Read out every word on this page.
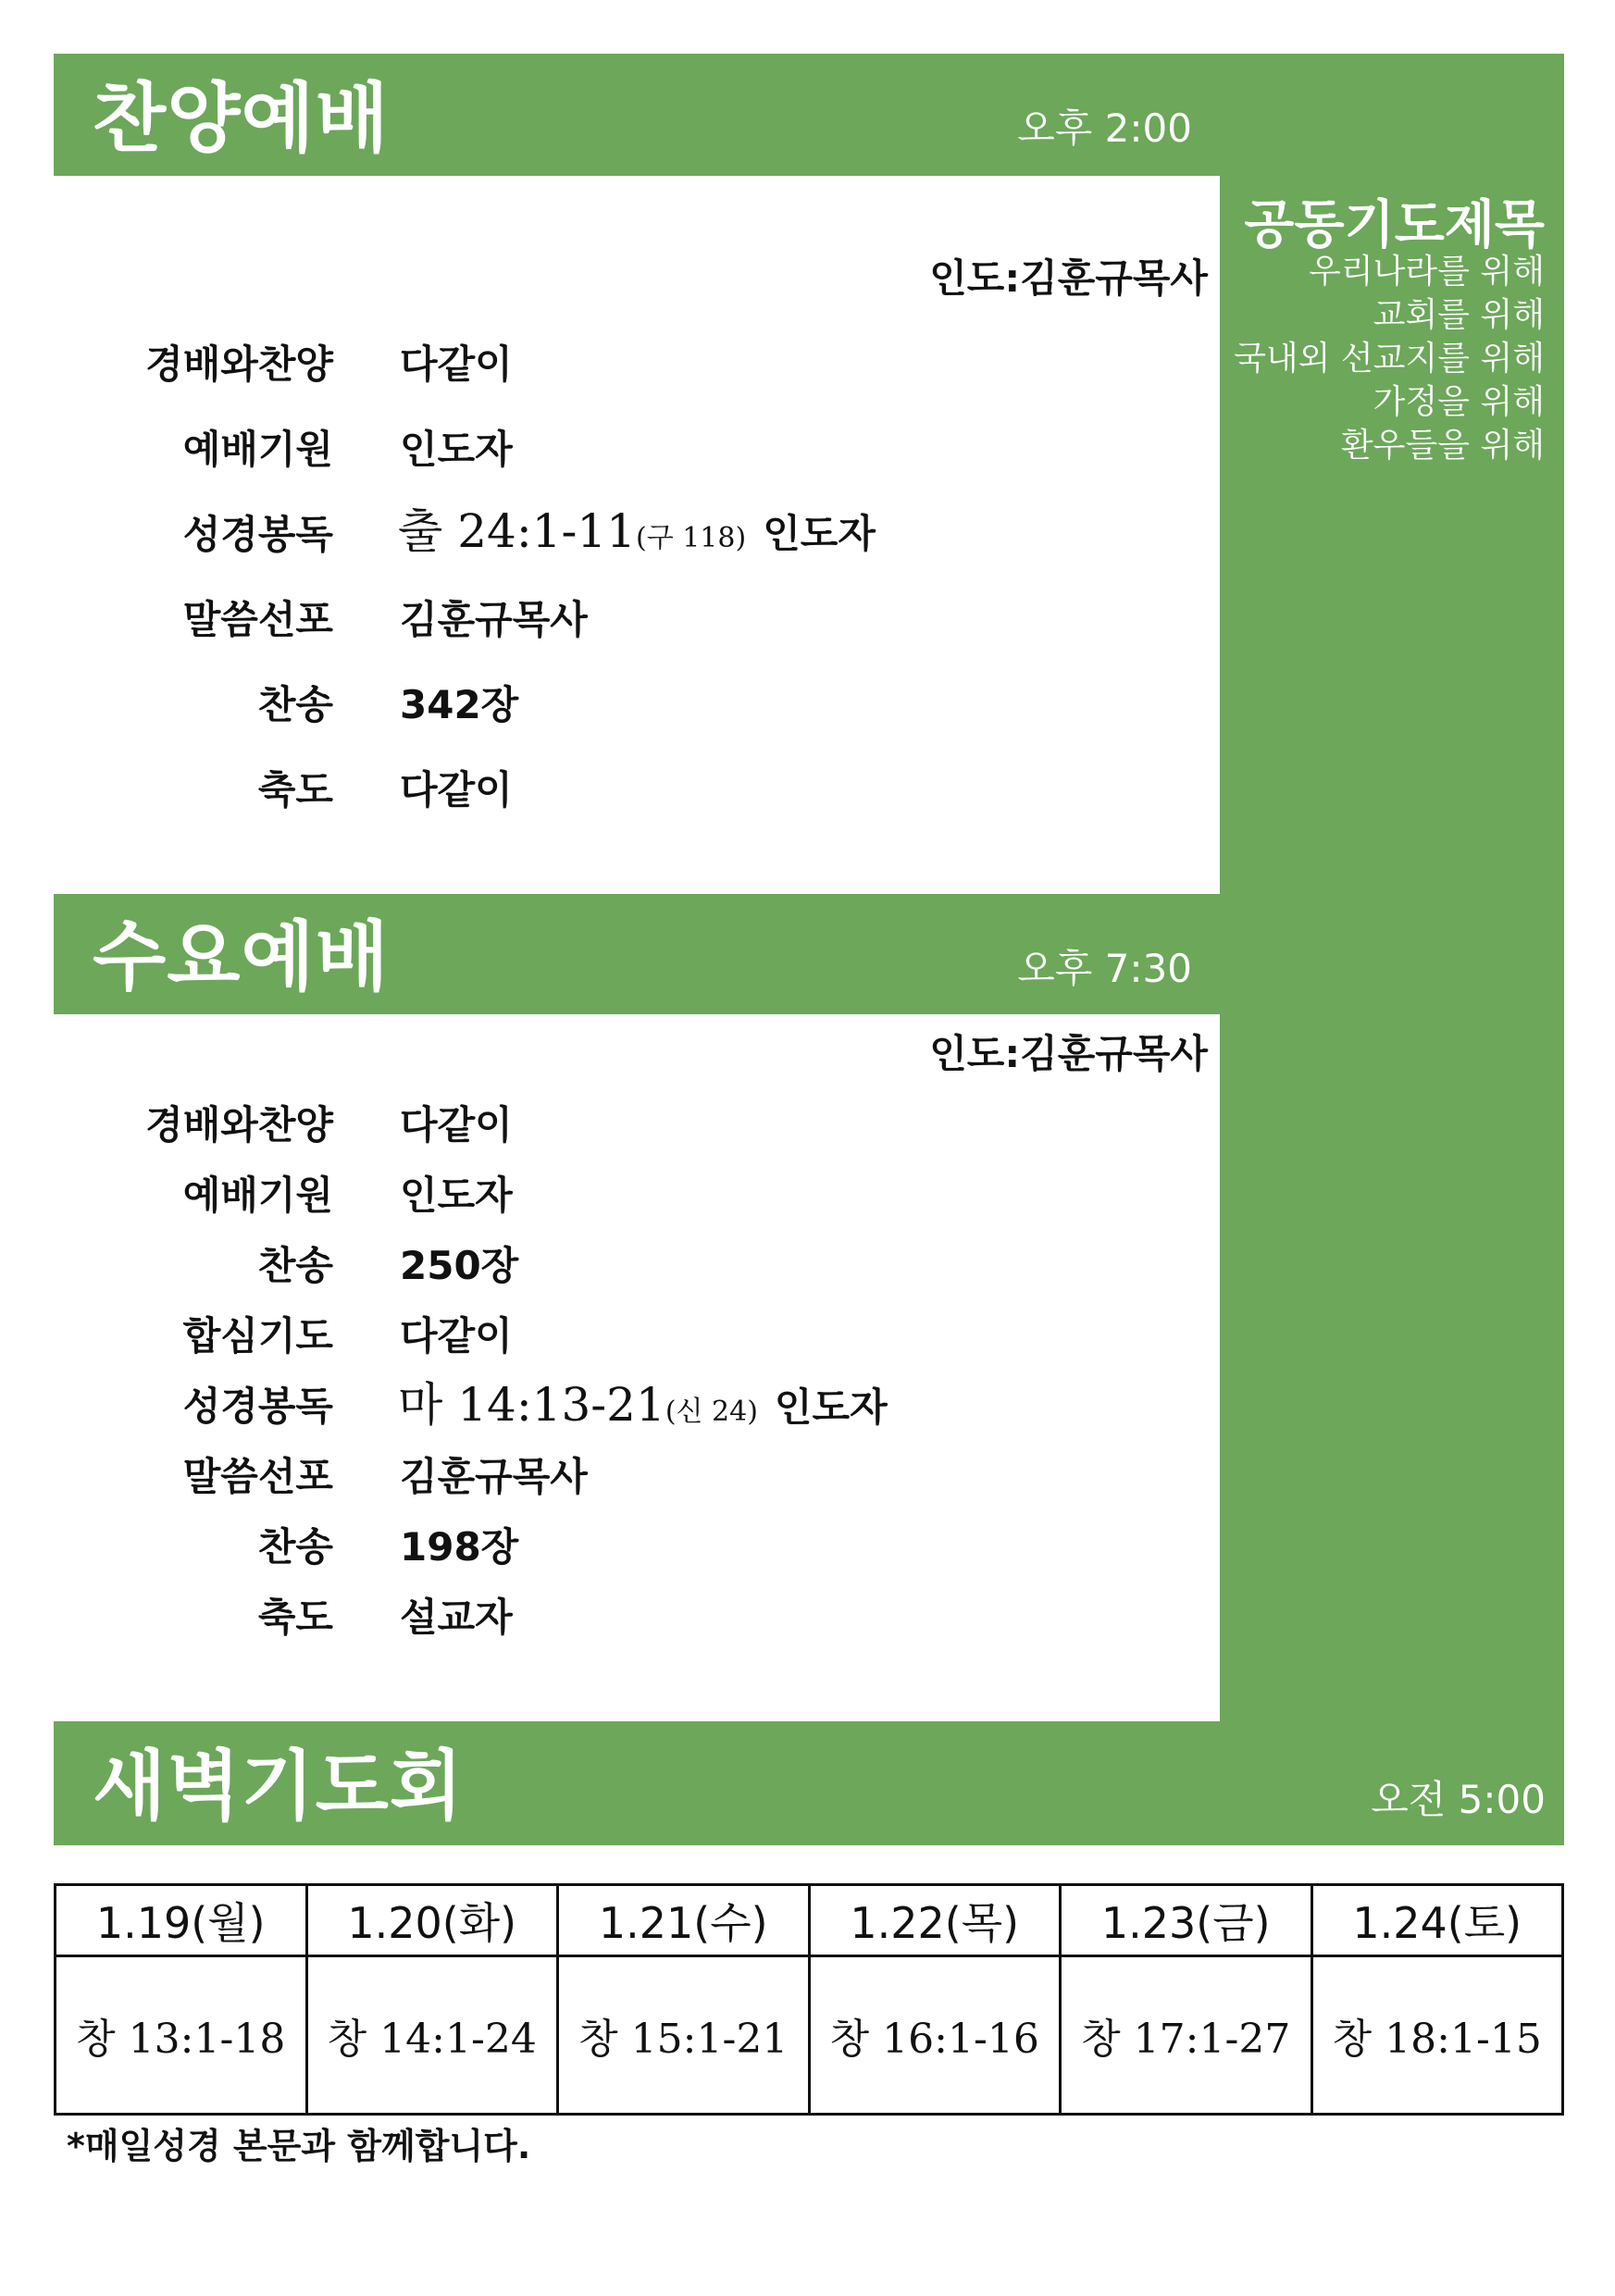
찬양예배	오후 2:00
인도:김훈규목사
경배와찬양 다같이
예배기원 인도자
성경봉독 출 24:1-11(구 118) 인도자
말씀선포 김훈규목사
찬송 342장
축도 다같이
공동기도제목
우리나라를 위해
교회를 위해
국내외 선교지를 위해
가정을 위해
환우들을 위해
수요예배	오후 7:30
인도:김훈규목사
경배와찬양 다같이
예배기원 인도자
찬송 250장
합심기도 다같이
성경봉독 마 14:13-21(신 24) 인도자
말씀선포 김훈규목사
찬송 198장
축도 설교자
새벽기도회	오전 5:00
1.19(월)	1.20(화)	1.21(수)	1.22(목)	1.23(금)	1.24(토)
창 13:1-18	창 14:1-24	창 15:1-21	창 16:1-16	창 17:1-27	창 18:1-15
*매일성경 본문과 함께합니다.
